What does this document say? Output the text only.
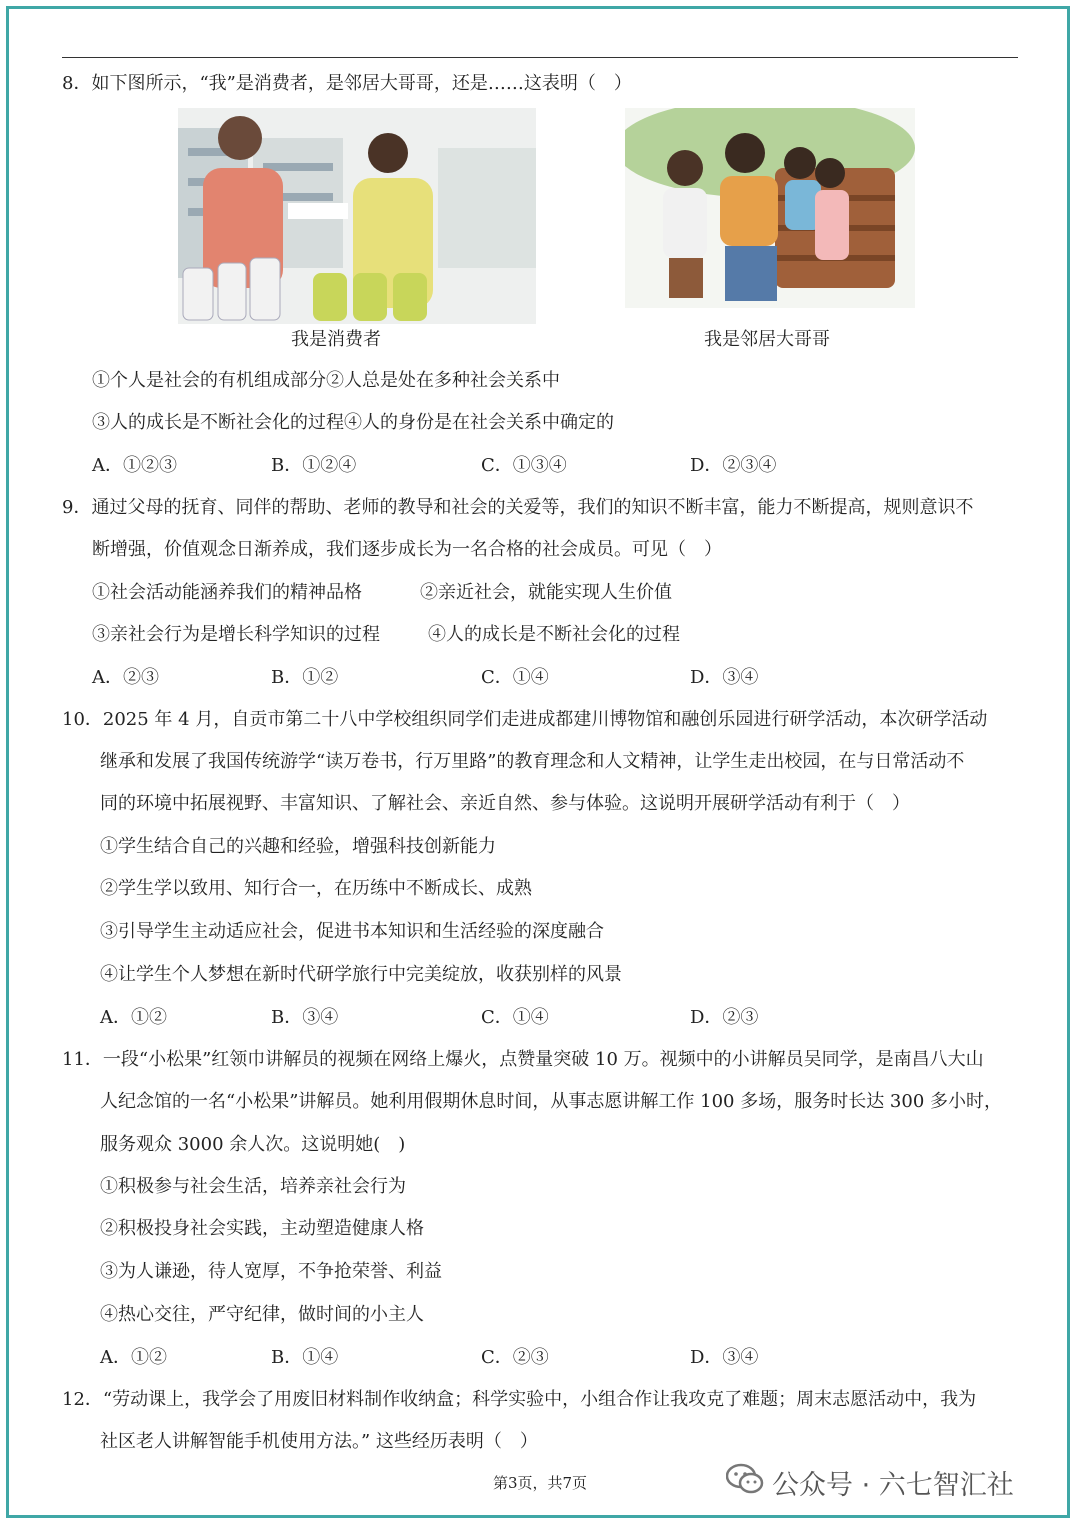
8．如下图所示，“我”是消费者，是邻居大哥哥，还是……这表明（　）
我是消费者	我是邻居大哥哥
①个人是社会的有机组成部分②人总是处在多种社会关系中
③人的成长是不断社会化的过程④人的身份是在社会关系中确定的
A．①②③	B．①②④	C．①③④	D．②③④
9．通过父母的抚育、同伴的帮助、老师的教导和社会的关爱等，我们的知识不断丰富，能力不断提高，规则意识不
断增强，价值观念日渐养成，我们逐步成长为一名合格的社会成员。可见（　）
①社会活动能涵养我们的精神品格	②亲近社会，就能实现人生价值
③亲社会行为是增长科学知识的过程	④人的成长是不断社会化的过程
A．②③	B．①②	C．①④	D．③④
10．2025 年 4 月，自贡市第二十八中学校组织同学们走进成都建川博物馆和融创乐园进行研学活动，本次研学活动
继承和发展了我国传统游学“读万卷书，行万里路”的教育理念和人文精神，让学生走出校园，在与日常活动不
同的环境中拓展视野、丰富知识、了解社会、亲近自然、参与体验。这说明开展研学活动有利于（　）
①学生结合自己的兴趣和经验，增强科技创新能力
②学生学以致用、知行合一，在历练中不断成长、成熟
③引导学生主动适应社会，促进书本知识和生活经验的深度融合
④让学生个人梦想在新时代研学旅行中完美绽放，收获别样的风景
A．①②	B．③④	C．①④	D．②③
11．一段“小松果”红领巾讲解员的视频在网络上爆火，点赞量突破 10 万。视频中的小讲解员吴同学，是南昌八大山
人纪念馆的一名“小松果”讲解员。她利用假期休息时间，从事志愿讲解工作 100 多场，服务时长达 300 多小时，
服务观众 3000 余人次。这说明她(　)
①积极参与社会生活，培养亲社会行为
②积极投身社会实践，主动塑造健康人格
③为人谦逊，待人宽厚，不争抢荣誉、利益
④热心交往，严守纪律，做时间的小主人
A．①②	B．①④	C．②③	D．③④
12．“劳动课上，我学会了用废旧材料制作收纳盒；科学实验中，小组合作让我攻克了难题；周末志愿活动中，我为
社区老人讲解智能手机使用方法。” 这些经历表明（　）
第3页，共7页	公众号 · 六七智汇社
